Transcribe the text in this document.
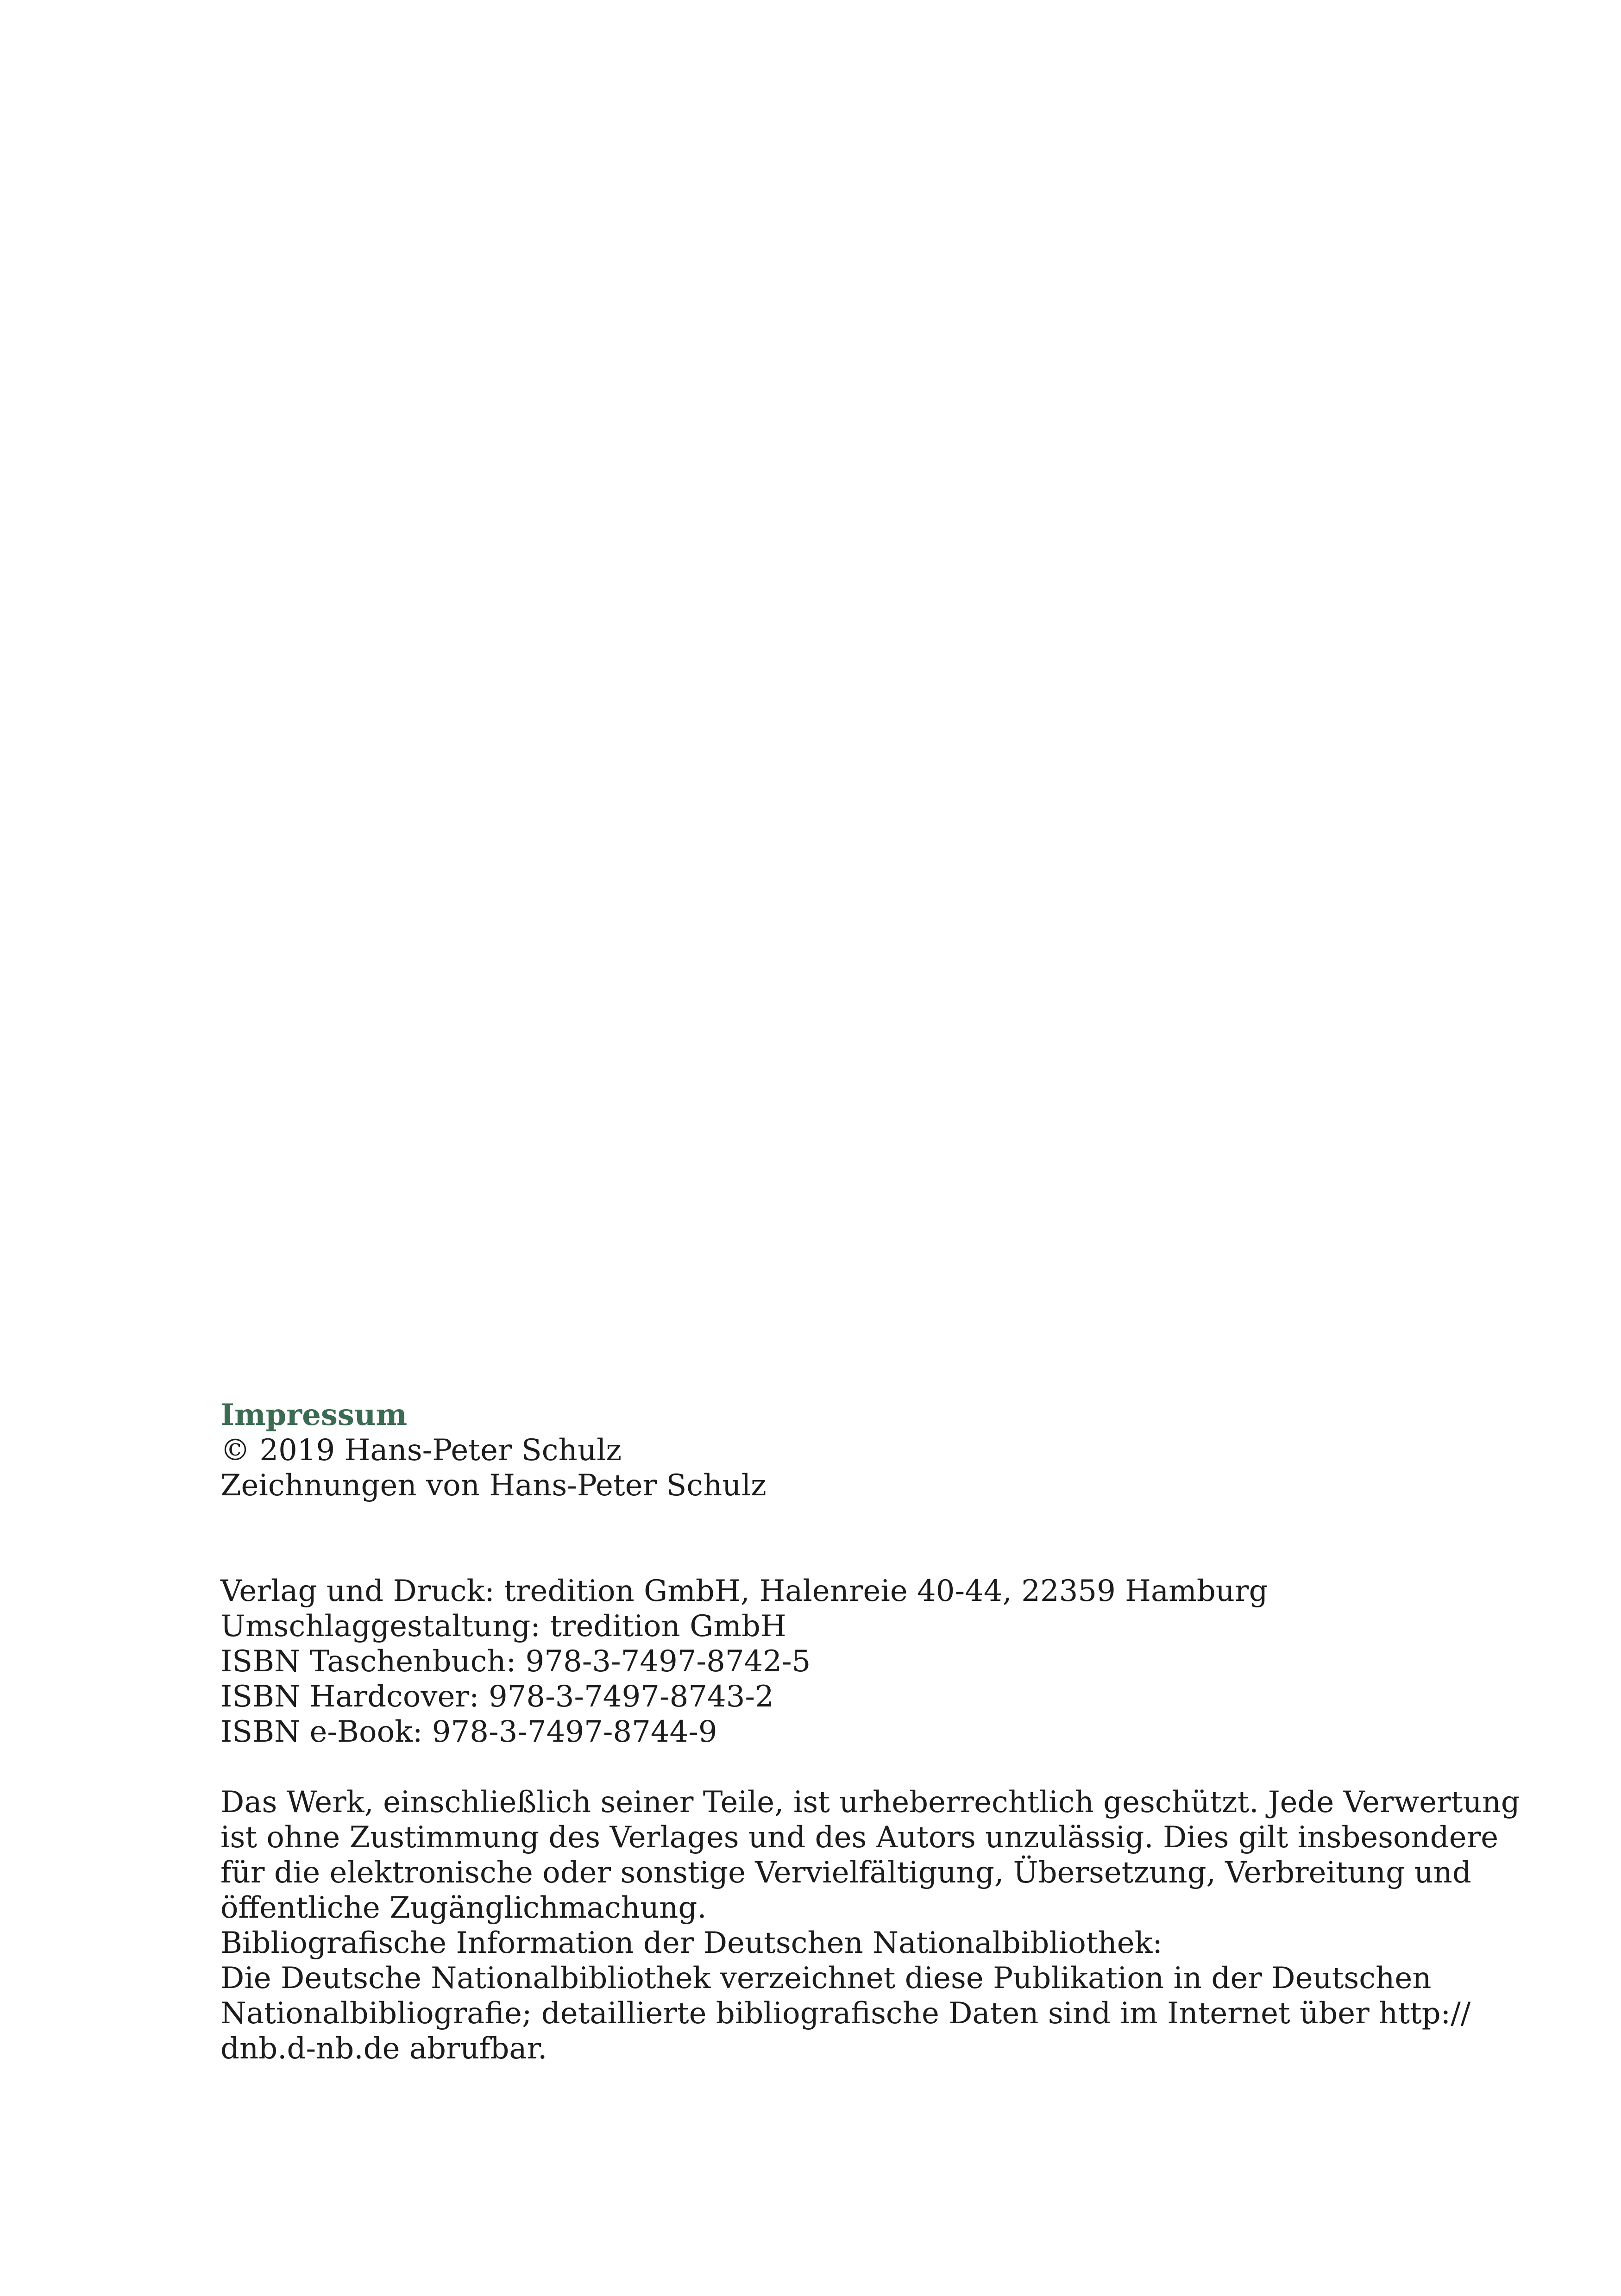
Impressum
© 2019 Hans-Peter Schulz
Zeichnungen von Hans-Peter Schulz
Verlag und Druck: tredition GmbH, Halenreie 40-44, 22359 Hamburg
Umschlaggestaltung: tredition GmbH
ISBN Taschenbuch: 978-3-7497-8742-5
ISBN Hardcover: 978-3-7497-8743-2
ISBN e-Book: 978-3-7497-8744-9
Das Werk, einschließlich seiner Teile, ist urheberrechtlich geschützt. Jede Verwertung
ist ohne Zustimmung des Verlages und des Autors unzulässig. Dies gilt insbesondere
für die elektronische oder sonstige Vervielfältigung, Übersetzung, Verbreitung und
öffentliche Zugänglichmachung.
Bibliografische Information der Deutschen Nationalbibliothek:
Die Deutsche Nationalbibliothek verzeichnet diese Publikation in der Deutschen
Nationalbibliografie; detaillierte bibliografische Daten sind im Internet über http://
dnb.d-nb.de abrufbar.
